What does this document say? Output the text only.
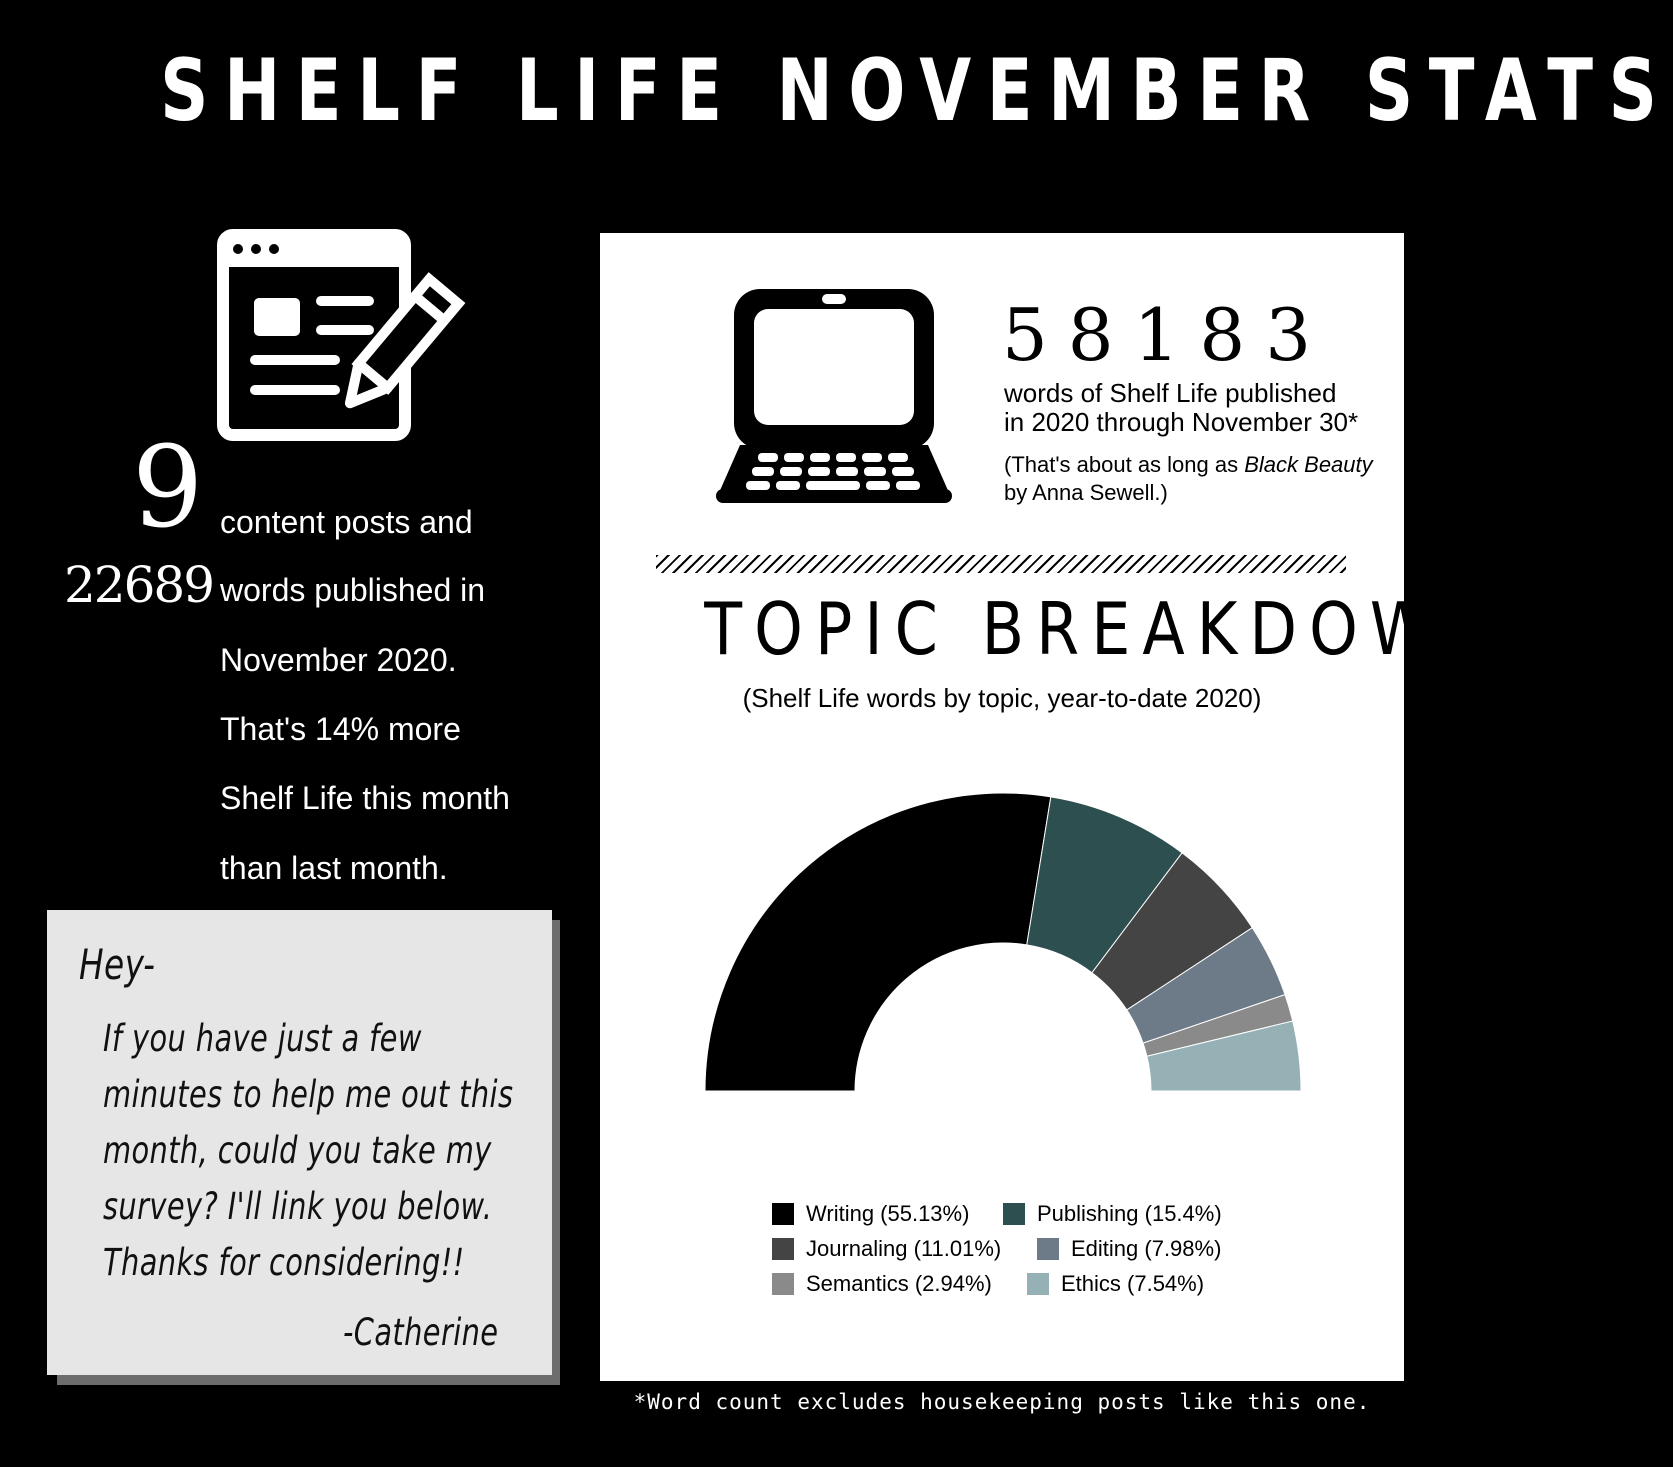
SHELF LIFE NOVEMBER STATS
9
22689
content posts and
words published in
November 2020.
That's 14% more
Shelf Life this month
than last month.
Hey-
If you have just a few
minutes to help me out this
month, could you take my
survey? I'll link you below.
Thanks for considering!!
-Catherine
58183
words of Shelf Life published
in 2020 through November 30*
(That's about as long as Black Beauty
by Anna Sewell.)
TOPIC BREAKDOWN
(Shelf Life words by topic, year-to-date 2020)
Writing (55.13%)	Publishing (15.4%)
Journaling (11.01%)	Editing (7.98%)
Semantics (2.94%)	Ethics (7.54%)
*Word count excludes housekeeping posts like this one.
